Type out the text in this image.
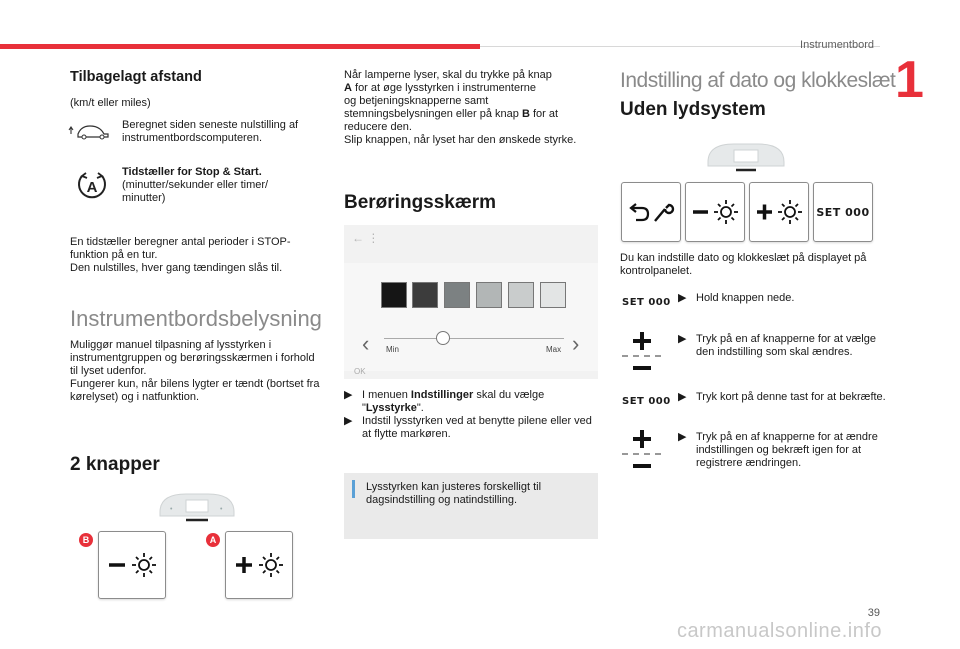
Instrumentbord
1
Tilbagelagt afstand

(km/t eller miles)

Beregnet siden seneste nulstilling af instrumentbordscomputeren.

A
Tidstæller for Stop & Start.
(minutter/sekunder eller timer/ minutter)

En tidstæller beregner antal perioder i STOP-funktion på en tur.

Den nulstilles, hver gang tændingen slås til.

Instrumentbordsbelysning

Muliggør manuel tilpasning af lysstyrken i instrumentgruppen og berøringsskærmen i forhold til lyset udenfor.

Fungerer kun, når bilens lygter er tændt (bortset fra kørelyset) og i natfunktion.

2 knapper
•	•
B	A
Når lamperne lyser, skal du trykke på knap
A for at øge lysstyrken i instrumenterne
og betjeningsknapperne samt
stemningsbelysningen eller på knap B for at
reducere den.
Slip knappen, når lyset har den ønskede styrke.
Berøringsskærm
← ⋮
‹	›
Min	Max
OK
▶ I menuen Indstillinger skal du vælge
"Lysstyrke".
▶ Indstil lysstyrken ved at benytte pilene eller ved at flytte markøren.

Lysstyrken kan justeres forskelligt til dagsindstilling og natindstilling.

Indstilling af dato og klokkeslæt
Uden lydsystem
SET 000

Du kan indstille dato og klokkeslæt på displayet på kontrolpanelet.

SET 000 ▶ Hold knappen nede.
▶ Tryk på en af knapperne for at vælge den indstilling som skal ændres.
SET 000 ▶ Tryk kort på denne tast for at bekræfte.
▶ Tryk på en af knapperne for at ændre indstillingen og bekræft igen for at registrere ændringen.
39
carmanualsonline.info
